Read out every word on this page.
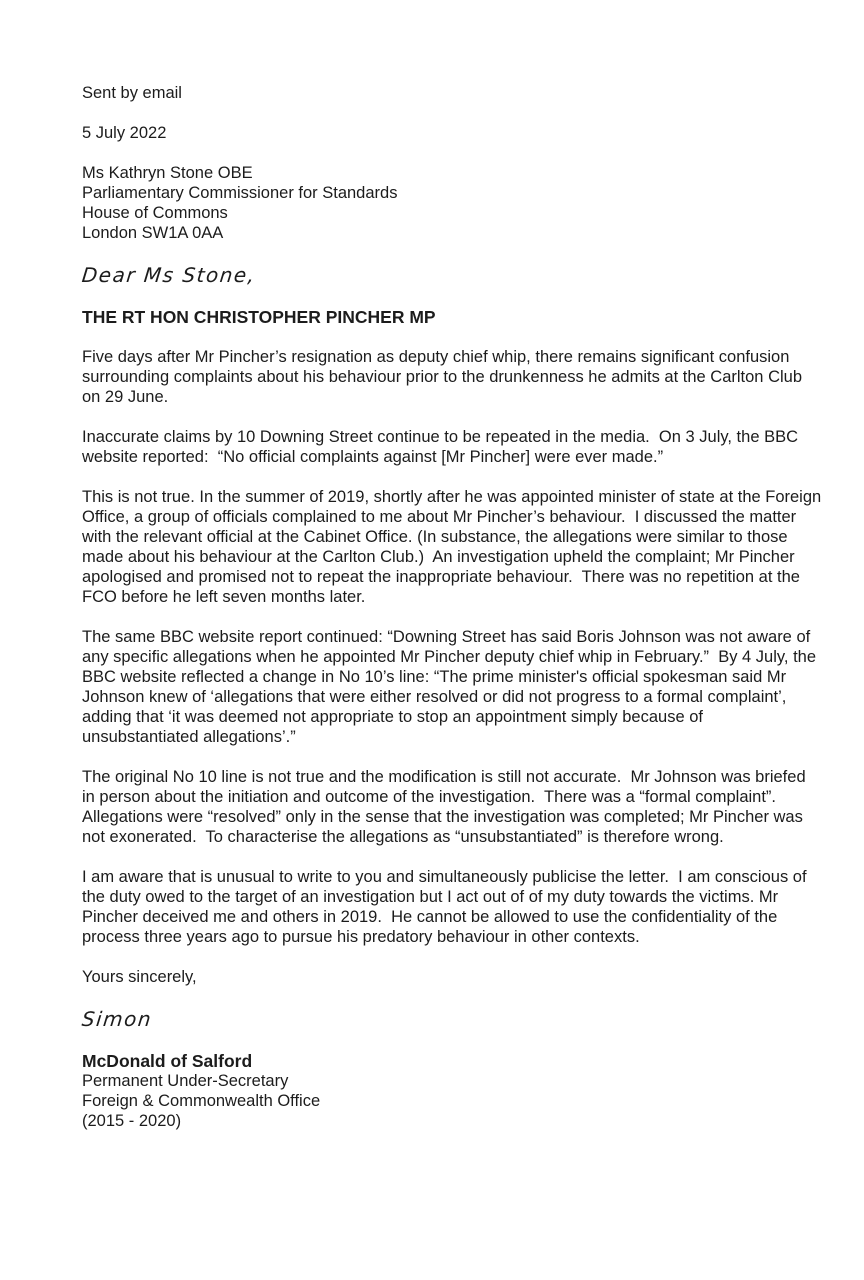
Sent by email

5 July 2022

Ms Kathryn Stone OBE
Parliamentary Commissioner for Standards
House of Commons
London SW1A 0AA

Dear Ms Stone,

THE RT HON CHRISTOPHER PINCHER MP

Five days after Mr Pincher’s resignation as deputy chief whip, there remains significant confusion surrounding complaints about his behaviour prior to the drunkenness he admits at the Carlton Club on 29 June.

Inaccurate claims by 10 Downing Street continue to be repeated in the media.  On 3 July, the BBC website reported:  “No official complaints against [Mr Pincher] were ever made.”

This is not true. In the summer of 2019, shortly after he was appointed minister of state at the Foreign Office, a group of officials complained to me about Mr Pincher’s behaviour.  I discussed the matter with the relevant official at the Cabinet Office. (In substance, the allegations were similar to those made about his behaviour at the Carlton Club.)  An investigation upheld the complaint; Mr Pincher apologised and promised not to repeat the inappropriate behaviour.  There was no repetition at the FCO before he left seven months later.

The same BBC website report continued: “Downing Street has said Boris Johnson was not aware of any specific allegations when he appointed Mr Pincher deputy chief whip in February.”  By 4 July, the BBC website reflected a change in No 10’s line: “The prime minister's official spokesman said Mr Johnson knew of ‘allegations that were either resolved or did not progress to a formal complaint’, adding that ‘it was deemed not appropriate to stop an appointment simply because of unsubstantiated allegations’.”

The original No 10 line is not true and the modification is still not accurate.  Mr Johnson was briefed in person about the initiation and outcome of the investigation.  There was a “formal complaint”.  Allegations were “resolved” only in the sense that the investigation was completed; Mr Pincher was not exonerated.  To characterise the allegations as “unsubstantiated” is therefore wrong.

I am aware that is unusual to write to you and simultaneously publicise the letter.  I am conscious of the duty owed to the target of an investigation but I act out of of my duty towards the victims. Mr Pincher deceived me and others in 2019.  He cannot be allowed to use the confidentiality of the process three years ago to pursue his predatory behaviour in other contexts.

Yours sincerely,

Simon

McDonald of Salford
Permanent Under-Secretary
Foreign & Commonwealth Office
(2015 - 2020)
